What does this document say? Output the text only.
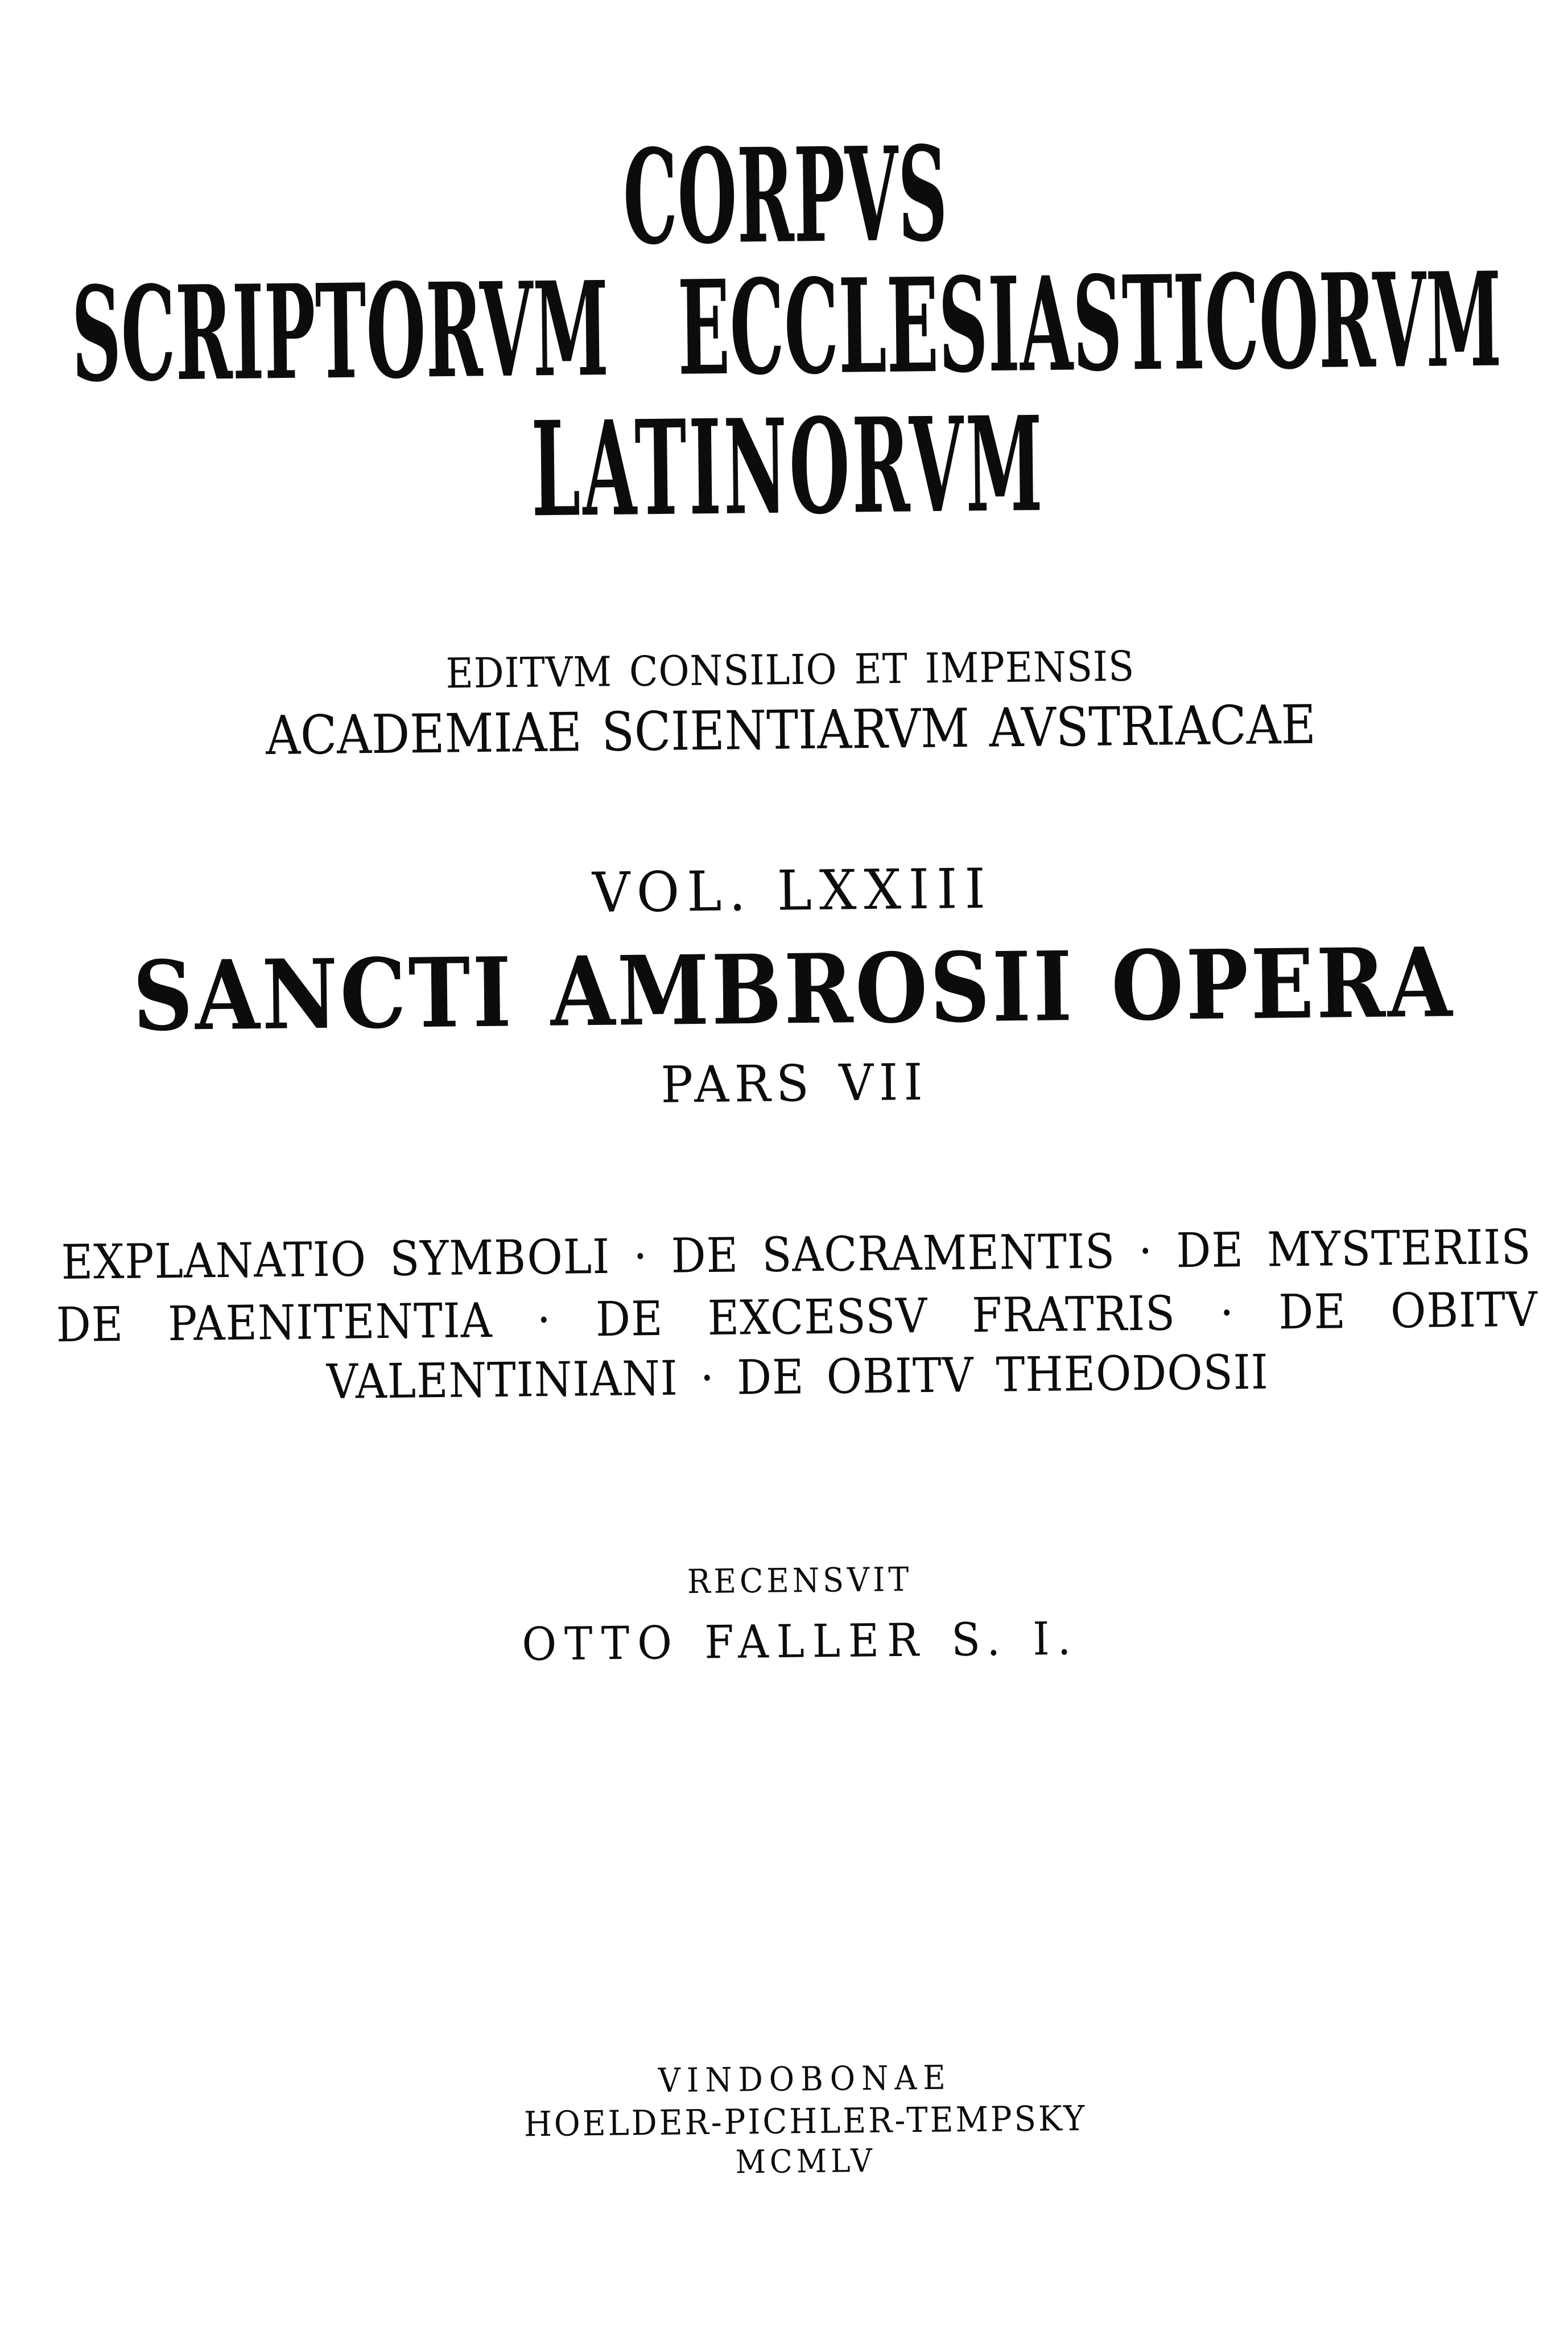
CORPVS
SCRIPTORVM ECCLESIASTICORVM
LATINORVM
EDITVM CONSILIO ET IMPENSIS
ACADEMIAE SCIENTIARVM AVSTRIACAE
VOL. LXXIII
SANCTI AMBROSII OPERA
PARS VII
EXPLANATIO SYMBOLI · DE SACRAMENTIS · DE MYSTERIIS
DE PAENITENTIA · DE EXCESSV FRATRIS · DE OBITV
VALENTINIANI · DE OBITV THEODOSII
RECENSVIT
OTTO FALLER S. I.
VINDOBONAE
HOELDER-PICHLER-TEMPSKY
MCMLV
